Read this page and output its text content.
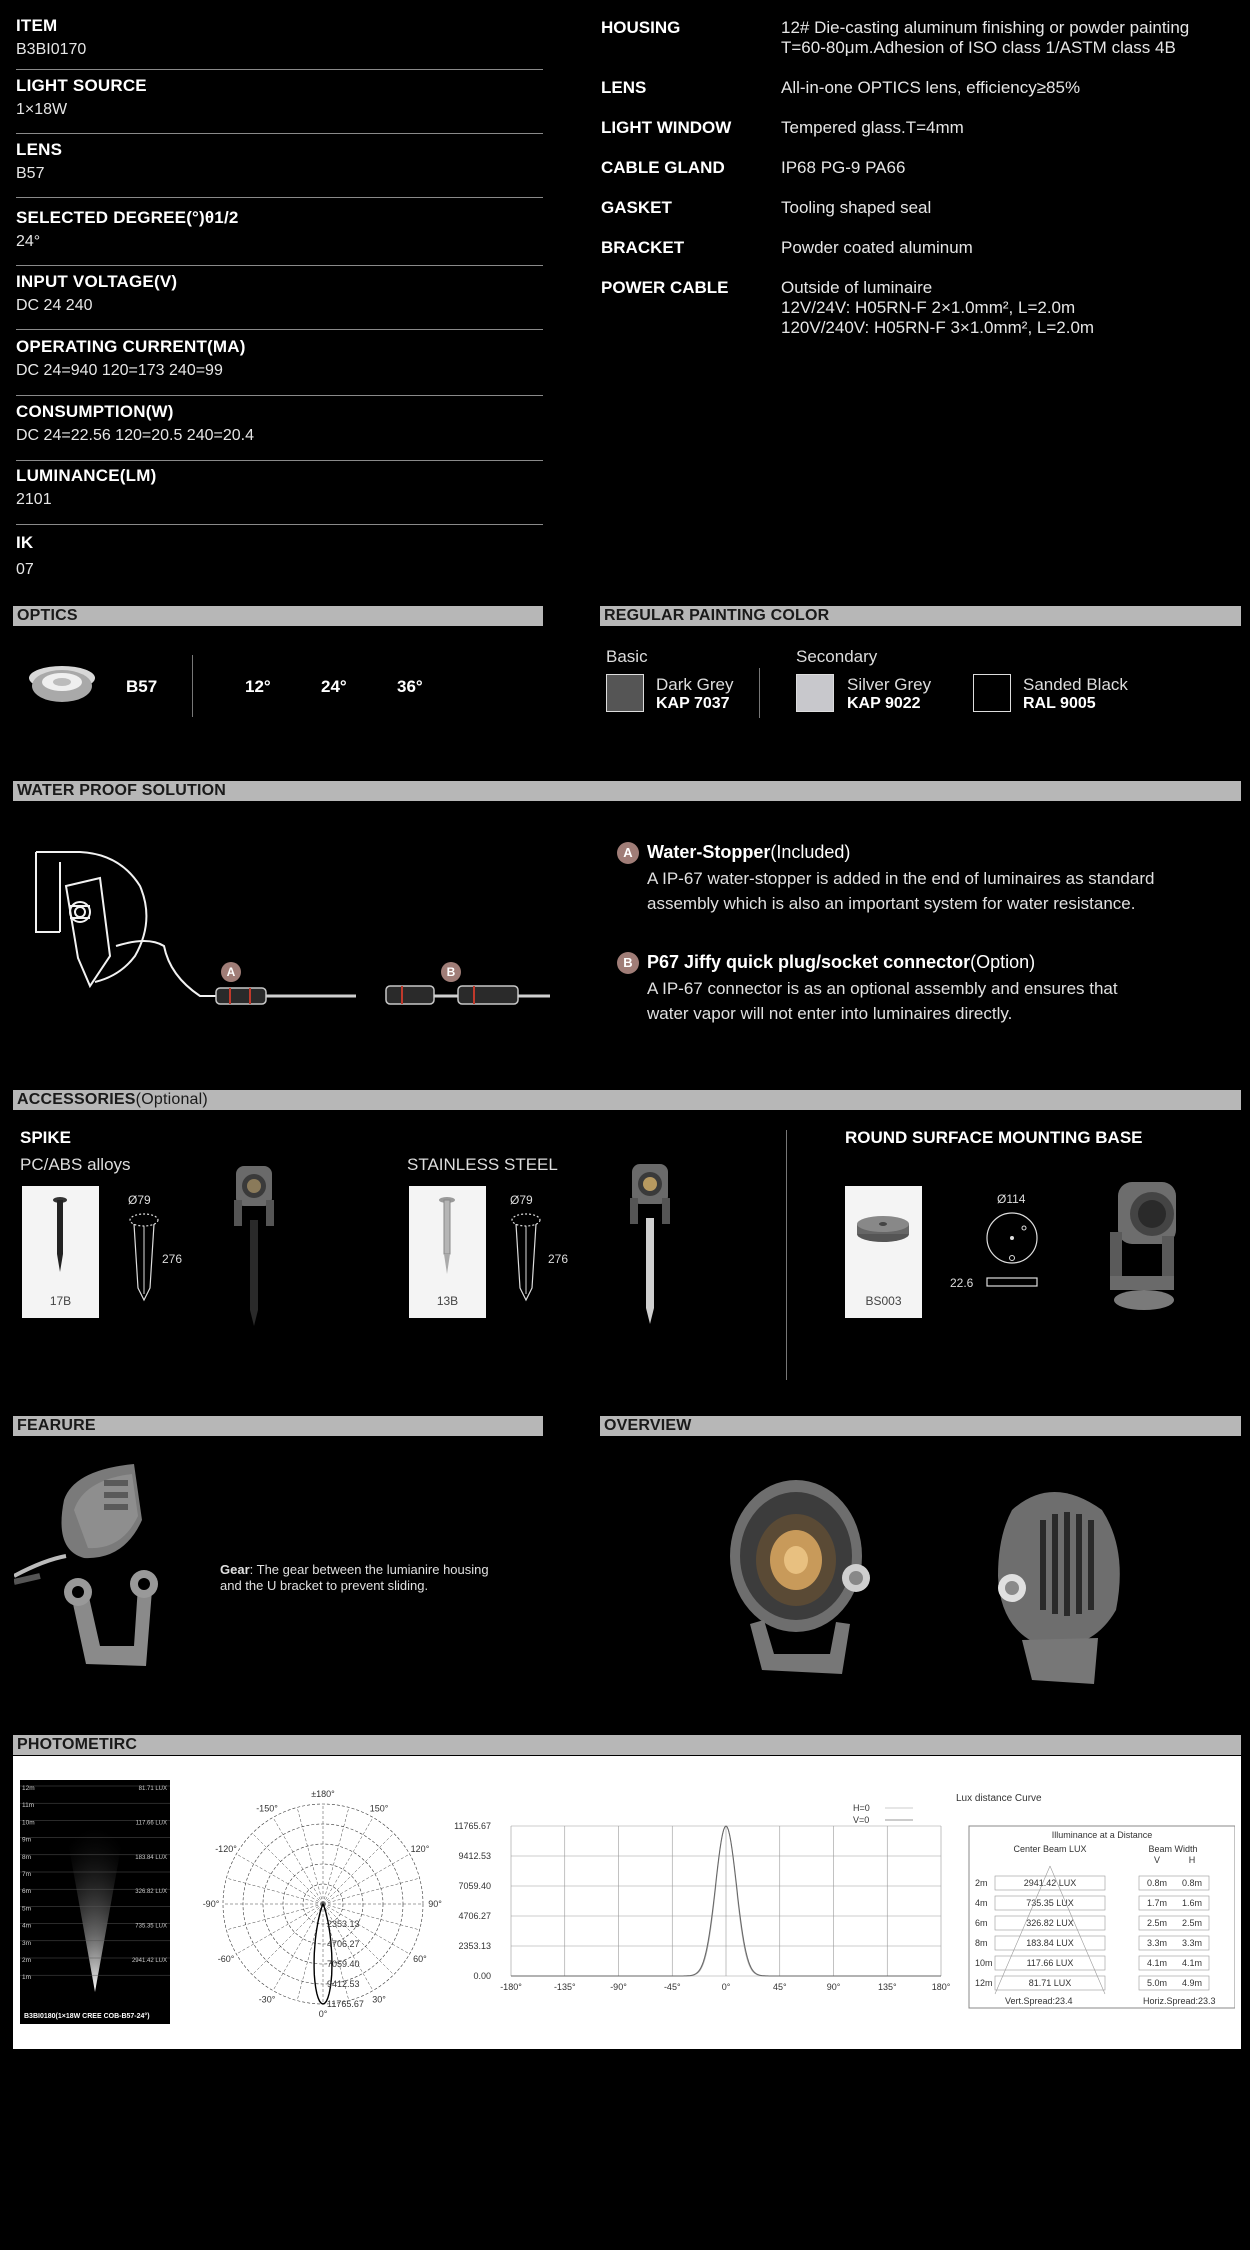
ITEM
B3BI0170
LIGHT SOURCE
1×18W
LENS
B57
SELECTED DEGREE(°)θ1/2
24°
INPUT VOLTAGE(V)
DC 24 240
OPERATING CURRENT(MA)
DC 24=940 120=173 240=99
CONSUMPTION(W)
DC 24=22.56 120=20.5 240=20.4
LUMINANCE(LM)
2101
IK
07
HOUSING	12# Die-casting aluminum finishing or powder painting
T=60-80μm.Adhesion of ISO class 1/ASTM class 4B
LENS	All-in-one OPTICS lens, efficiency≥85%
LIGHT WINDOW	Tempered glass.T=4mm
CABLE GLAND	IP68 PG-9 PA66
GASKET	Tooling shaped seal
BRACKET	Powder coated aluminum
POWER CABLE	Outside of luminaire
12V/24V: H05RN-F 2×1.0mm², L=2.0m
120V/240V: H05RN-F 3×1.0mm², L=2.0m
OPTICS
B57	12°	24°	36°
REGULAR PAINTING COLOR
Basic	Secondary
Dark Grey
KAP 7037
Silver Grey
KAP 9022
Sanded Black
RAL 9005
WATER PROOF SOLUTION
A	B
A Water-Stopper(Included)
A IP-67 water-stopper is added in the end of luminaires as standard
assembly which is also an important system for water resistance.
B P67 Jiffy quick plug/socket connector(Option)
A IP-67 connector is as an optional assembly and ensures that
water vapor will not enter into luminaires directly.
ACCESSORIES(Optional)
SPIKE
PC/ABS alloys	STAINLESS STEEL
17B
Ø79
276
13B
Ø79
276
ROUND SURFACE MOUNTING BASE
BS003
Ø114
22.6
FEARURE
Gear: The gear between the lumianire housing
and the U bracket to prevent sliding.
OVERVIEW
PHOTOMETIRC
12m
11m
10m
9m
8m
7m
6m
5m
4m
3m
2m
1m
81.71 LUX
117.66 LUX
183.84 LUX
326.82 LUX
735.35 LUX
2941.42 LUX
B3BI0180(1×18W CREE COB-B57-24°)
±180°
-150°	150°
-120°	120°
-90°	90°
-60°	60°
-30°	30°
0°
2353.13
4706.27
7059.40
9412.53
11765.67
11765.67
9412.53
7059.40
4706.27
2353.13
0.00
-180°	-135°	-90°	-45°	0°	45°	90°	135°	180°
H=0
V=0
Lux distance Curve
Illuminance at a Distance
Center Beam LUX	Beam Width
V	H
2m	2941.42 LUX	0.8m 0.8m
4m	735.35 LUX	1.7m 1.6m
6m	326.82 LUX	2.5m 2.5m
8m	183.84 LUX	3.3m 3.3m
10m	117.66 LUX	4.1m 4.1m
12m	81.71 LUX	5.0m 4.9m
Vert.Spread:23.4	Horiz.Spread:23.3
